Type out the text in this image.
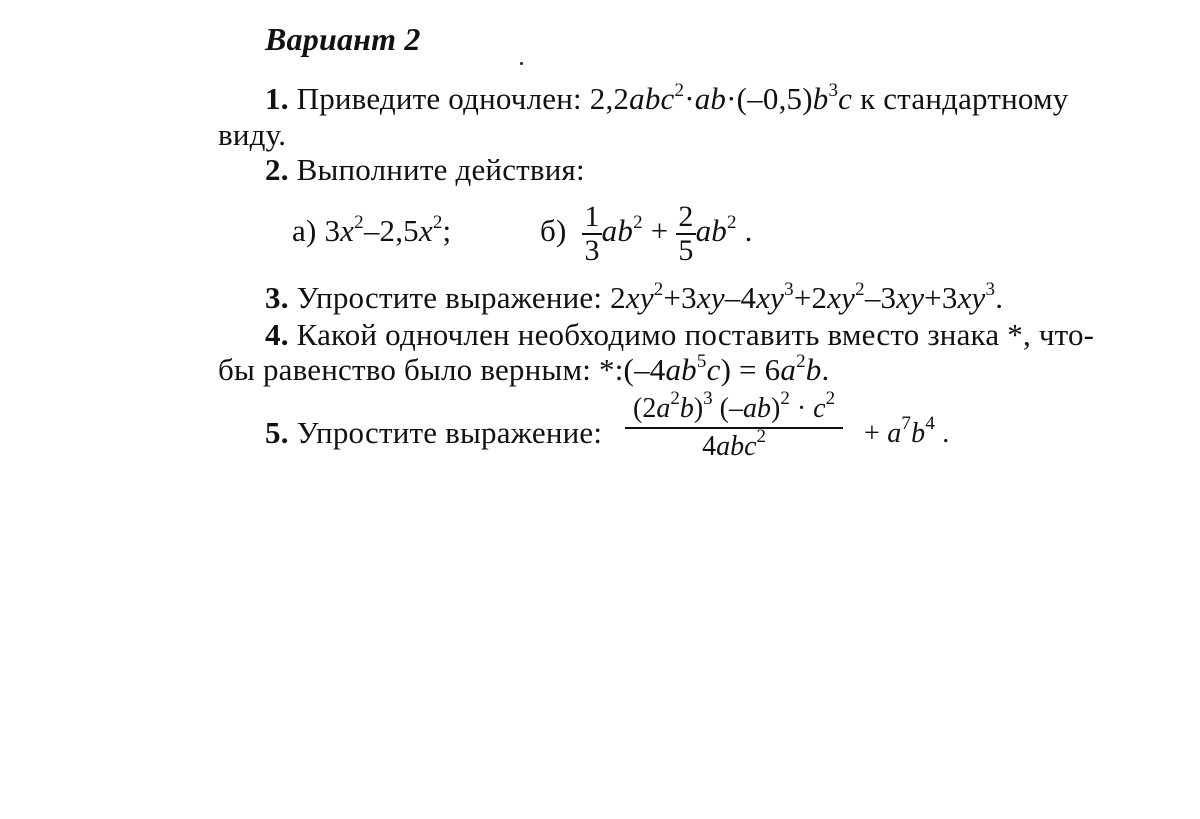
Вариант 2
1. Приведите одночлен: $2,2abc^2\cdot ab\cdot(-0,5)b^3c$ к стандартному
виду.
2. Выполните действия:
а) $3x^2-2,5x^2$;	$б) \frac{1}{3} ab^2 + \frac{2}{5} ab^2$ .
3. Упростите выражение: $2xy^2+3xy-4xy^3+2xy^2-3xy+3xy^3$.
4. Какой одночлен необходимо поставить вместо знака *, что-
бы равенство было верным: $*:(-4ab^5c) = 6a^2b$.
5. Упростите выражение:
$(2a^2b)^3$ $(-ab)^2 \cdot c^2$
4abc$^2$	+ $a^7b^4$ .
